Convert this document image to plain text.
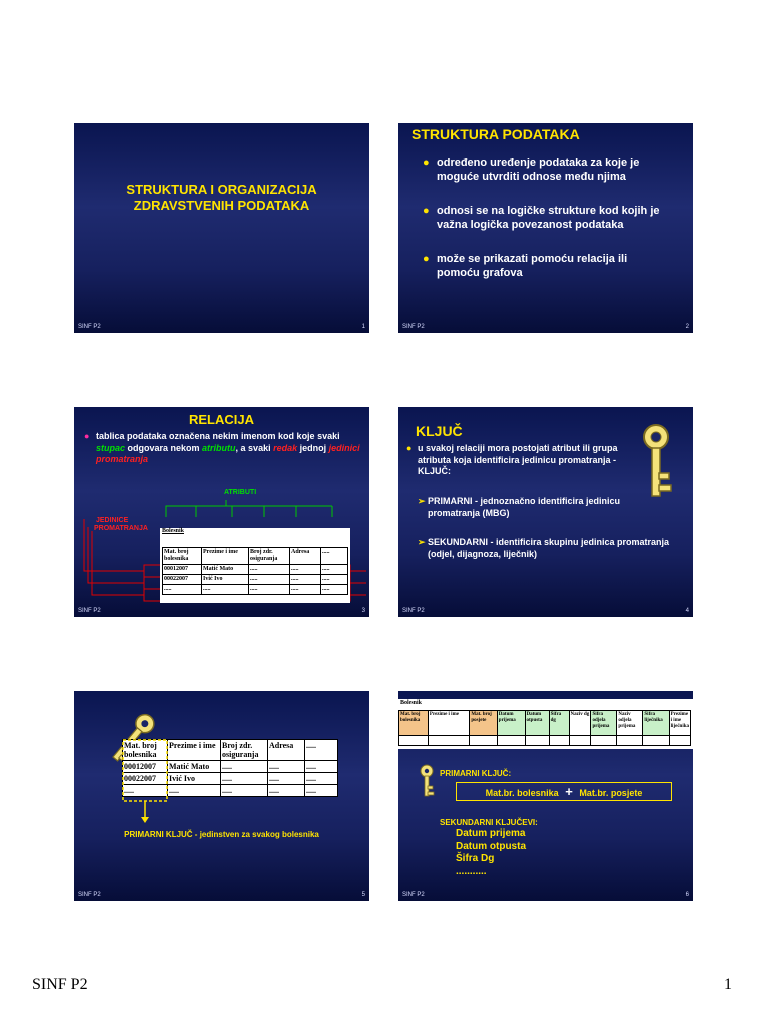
STRUKTURA I ORGANIZACIJA
ZDRAVSTVENIH PODATAKA
SINF P2	1
STRUKTURA PODATAKA
● određeno uređenje podataka za koje je moguće utvrditi odnose među njima
● odnosi se na logičke strukture kod kojih je važna logička povezanost podataka
● može se prikazati pomoću relacija ili pomoću grafova
SINF P2	2
RELACIJA
● tablica podataka označena nekim imenom kod koje svaki stupac odgovara nekom atributu, a svaki redak jednoj jedinici promatranja
ATRIBUTI
JEDINICE
PROMATRANJA Bolesnik
Mat. broj bolesnika	Prezime i ime	Broj zdr. osiguranja	Adresa	.....
00012007	Matić Mato	.....	.....	.....
00022007	Ivić Ivo	.....	.....	.....
.....	.....	.....	.....	.....
SINF P2	3
KLJUČ
● u svakoj relaciji mora postojati atribut ili grupa atributa koja identificira jedinicu promatranja - KLJUČ:
➢ PRIMARNI - jednoznačno identificira jedinicu promatranja (MBG)
➢ SEKUNDARNI - identificira skupinu jedinica promatranja (odjel, dijagnoza, liječnik)
SINF P2	4
Mat. broj bolesnika	Prezime i ime	Broj zdr. osiguranja	Adresa	.....
00012007	Matić Mato	.....	.....	.....
00022007	Ivić Ivo	.....	.....	.....
.....	.....	.....	.....	.....
PRIMARNI KLJUČ - jedinstven za svakog bolesnika
SINF P2	5
Bolesnik
Mat. broj bolesnika	Prezime i ime	Mat. broj posjete	Datum prijema	Datum otpusta	Šifra dg	Naziv dg	Šifra odjela prijema	Naziv odjela prijema	Šifra liječnika	Prezime i ime liječnika

PRIMARNI KLJUČ:
Mat.br. bolesnika + Mat.br. posjete
SEKUNDARNI KLJUČEVI:
Datum prijema
Datum otpusta
Šifra Dg
...........
SINF P2	6
SINF P2	1
